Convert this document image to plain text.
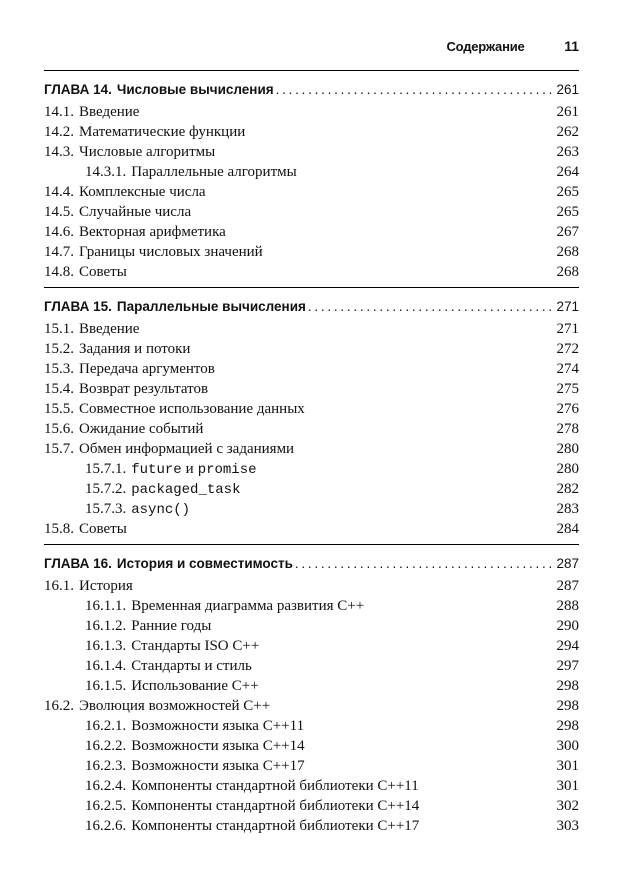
Содержание	11
ГЛАВА 14. Числовые вычисления . . .	261
14.1. Введение	261
14.2. Математические функции	262
14.3. Числовые алгоритмы	263
14.3.1. Параллельные алгоритмы	264
14.4. Комплексные числа	265
14.5. Случайные числа	265
14.6. Векторная арифметика	267
14.7. Границы числовых значений	268
14.8. Советы	268
ГЛАВА 15. Параллельные вычисления . . .	271
15.1. Введение	271
15.2. Задания и потоки	272
15.3. Передача аргументов	274
15.4. Возврат результатов	275
15.5. Совместное использование данных	276
15.6. Ожидание событий	278
15.7. Обмен информацией с заданиями	280
15.7.1. future и promise	280
15.7.2. packaged_task	282
15.7.3. async()	283
15.8. Советы	284
ГЛАВА 16. История и совместимость . . .	287
16.1. История	287
16.1.1. Временная диаграмма развития C++	288
16.1.2. Ранние годы	290
16.1.3. Стандарты ISO C++	294
16.1.4. Стандарты и стиль	297
16.1.5. Использование C++	298
16.2. Эволюция возможностей C++	298
16.2.1. Возможности языка C++11	298
16.2.2. Возможности языка C++14	300
16.2.3. Возможности языка C++17	301
16.2.4. Компоненты стандартной библиотеки C++11	301
16.2.5. Компоненты стандартной библиотеки C++14	302
16.2.6. Компоненты стандартной библиотеки C++17	303
